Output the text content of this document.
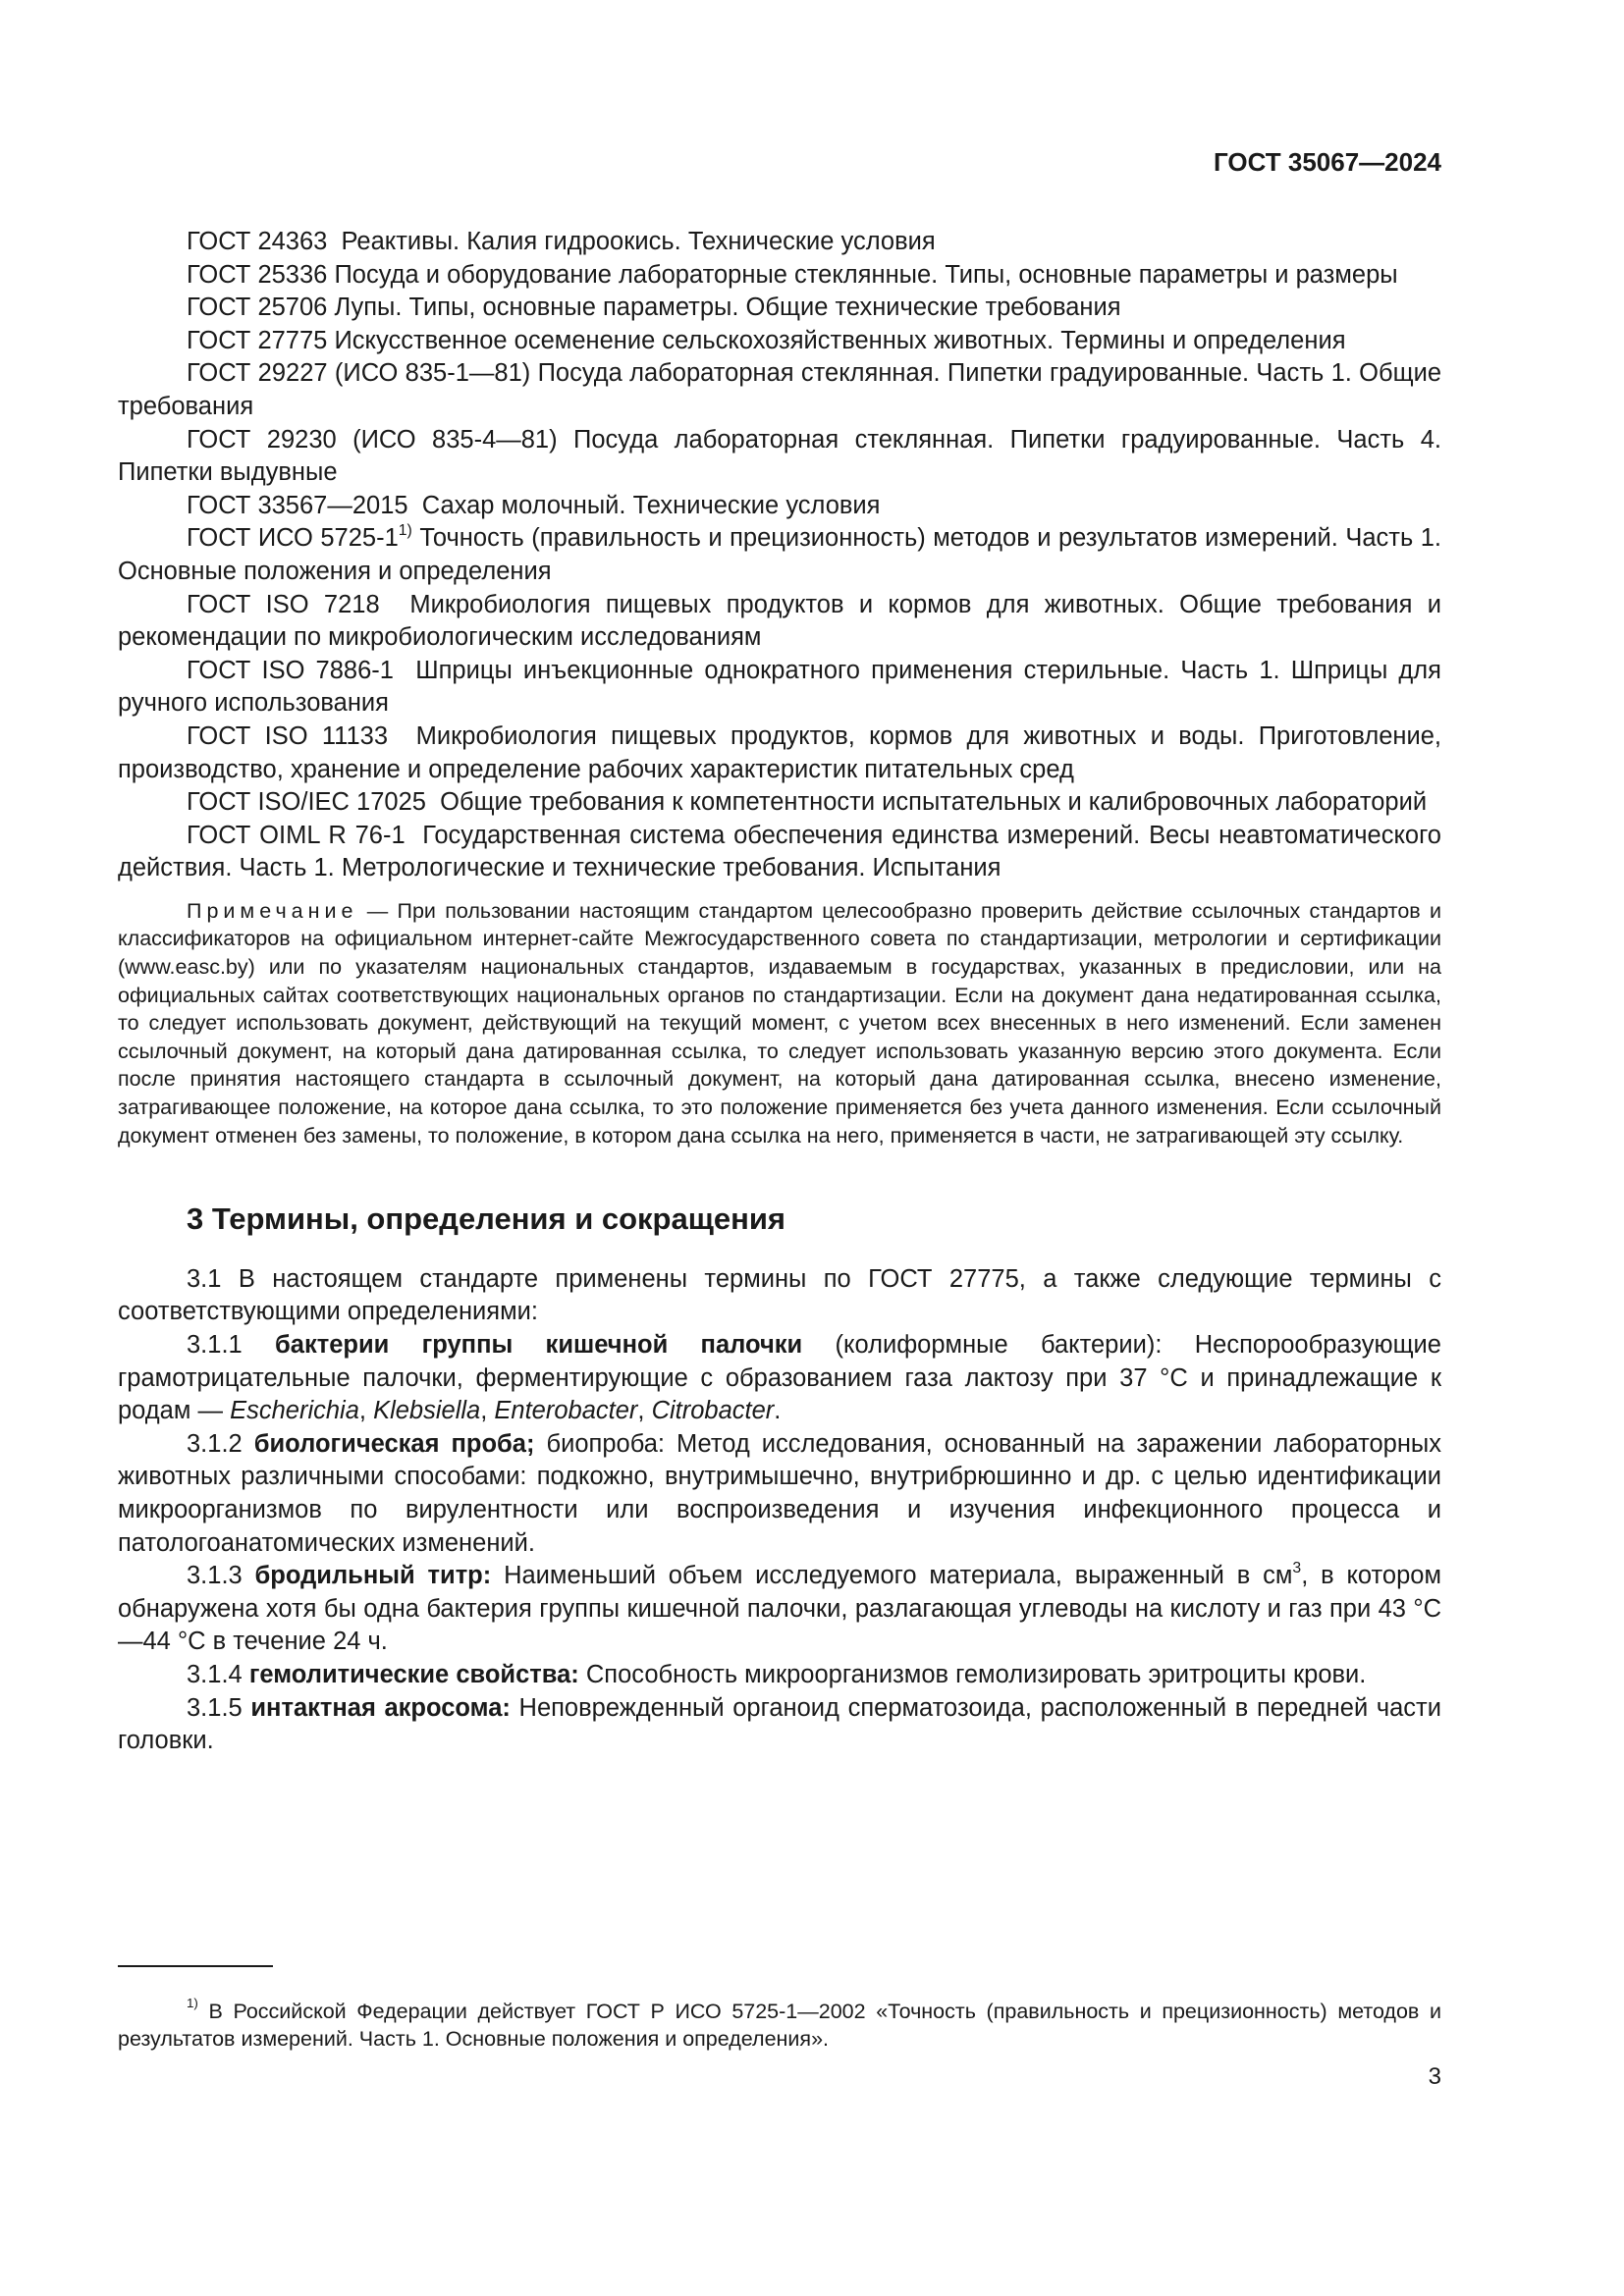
ГОСТ 35067—2024

ГОСТ 24363 Реактивы. Калия гидроокись. Технические условия

ГОСТ 25336 Посуда и оборудование лабораторные стеклянные. Типы, основные параметры и размеры

ГОСТ 25706 Лупы. Типы, основные параметры. Общие технические требования

ГОСТ 27775 Искусственное осеменение сельскохозяйственных животных. Термины и определения

ГОСТ 29227 (ИСО 835-1—81) Посуда лабораторная стеклянная. Пипетки градуированные. Часть 1. Общие требования

ГОСТ 29230 (ИСО 835-4—81) Посуда лабораторная стеклянная. Пипетки градуированные. Часть 4. Пипетки выдувные

ГОСТ 33567—2015 Сахар молочный. Технические условия

ГОСТ ИСО 5725-1$^{1)}$ Точность (правильность и прецизионность) методов и результатов измерений. Часть 1. Основные положения и определения

ГОСТ ISO 7218 Микробиология пищевых продуктов и кормов для животных. Общие требования и рекомендации по микробиологическим исследованиям

ГОСТ ISO 7886-1 Шприцы инъекционные однократного применения стерильные. Часть 1. Шприцы для ручного использования

ГОСТ ISO 11133 Микробиология пищевых продуктов, кормов для животных и воды. Приготовление, производство, хранение и определение рабочих характеристик питательных сред

ГОСТ ISO/IEC 17025 Общие требования к компетентности испытательных и калибровочных лабораторий

ГОСТ OIML R 76-1 Государственная система обеспечения единства измерений. Весы неавтоматического действия. Часть 1. Метрологические и технические требования. Испытания

Примечание — При пользовании настоящим стандартом целесообразно проверить действие ссылочных стандартов и классификаторов на официальном интернет-сайте Межгосударственного совета по стандартизации, метрологии и сертификации (www.easc.by) или по указателям национальных стандартов, издаваемым в государствах, указанных в предисловии, или на официальных сайтах соответствующих национальных органов по стандартизации. Если на документ дана недатированная ссылка, то следует использовать документ, действующий на текущий момент, с учетом всех внесенных в него изменений. Если заменен ссылочный документ, на который дана датированная ссылка, то следует использовать указанную версию этого документа. Если после принятия настоящего стандарта в ссылочный документ, на который дана датированная ссылка, внесено изменение, затрагивающее положение, на которое дана ссылка, то это положение применяется без учета данного изменения. Если ссылочный документ отменен без замены, то положение, в котором дана ссылка на него, применяется в части, не затрагивающей эту ссылку.

3 Термины, определения и сокращения

3.1 В настоящем стандарте применены термины по ГОСТ 27775, а также следующие термины с соответствующими определениями:

3.1.1 бактерии группы кишечной палочки (колиформные бактерии): Неспорообразующие грамотрицательные палочки, ферментирующие с образованием газа лактозу при 37 °С и принадлежащие к родам — Escherichia, Klebsiella, Enterobacter, Citrobacter.

3.1.2 биологическая проба; биопроба: Метод исследования, основанный на заражении лабораторных животных различными способами: подкожно, внутримышечно, внутрибрюшинно и др. с целью идентификации микроорганизмов по вирулентности или воспроизведения и изучения инфекционного процесса и патологоанатомических изменений.

3.1.3 бродильный титр: Наименьший объем исследуемого материала, выраженный в $см^3$, в котором обнаружена хотя бы одна бактерия группы кишечной палочки, разлагающая углеводы на кислоту и газ при 43 °С—44 °С в течение 24 ч.

3.1.4 гемолитические свойства: Способность микроорганизмов гемолизировать эритроциты крови.

3.1.5 интактная акросома: Неповрежденный органоид сперматозоида, расположенный в передней части головки.

$^{1)}$ В Российской Федерации действует ГОСТ Р ИСО 5725-1—2002 «Точность (правильность и прецизионность) методов и результатов измерений. Часть 1. Основные положения и определения».

3
